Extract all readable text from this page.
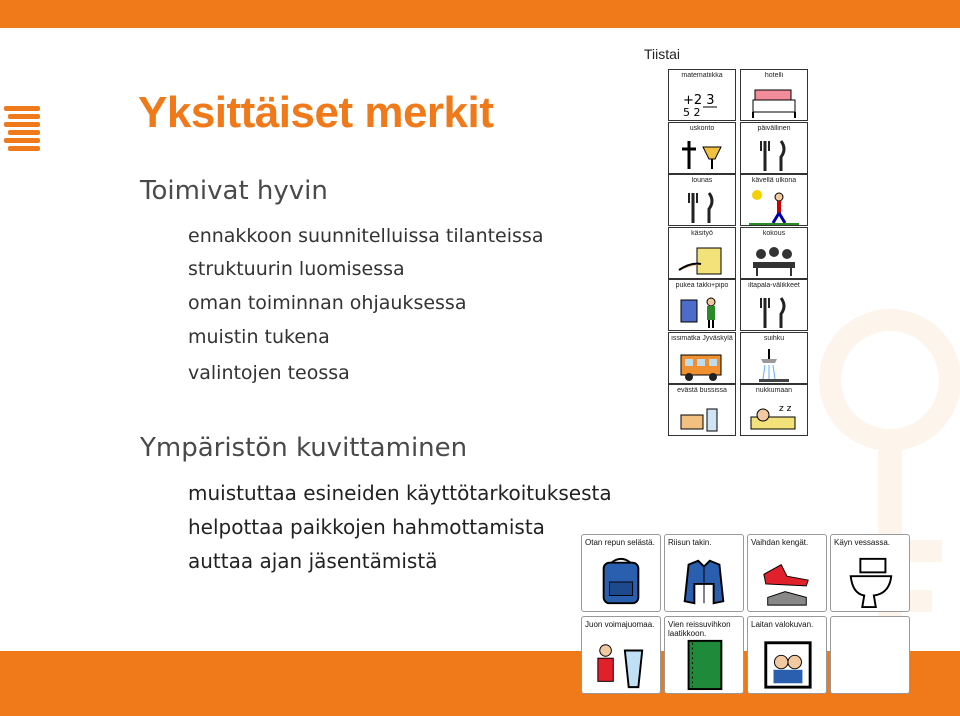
Yksittäiset merkit
Toimivat hyvin
ennakkoon suunnitelluissa tilanteissa
struktuurin luomisessa
oman toiminnan ohjauksessa
muistin tukena
valintojen teossa
Ympäristön kuvittaminen
muistuttaa esineiden käyttötarkoituksesta
helpottaa paikkojen hahmottamista
auttaa ajan jäsentämistä
Tiistai
matematiikka
+2 3
5 2
hotelli
uskonto	päivällinen
lounas	kävellä ulkona
käsityö	kokous
pukea takki+pipo	iltapala-välikkeet
issimatka Jyväskylä	suihku
evästä bussissa	nukkumaan
z z
Otan repun selästä.	Riisun takin.	Vaihdan kengät.	Käyn vessassa.
Juon voimajuomaa.	Vien reissuvihkon laatikkoon.
Laitan valokuvan.
